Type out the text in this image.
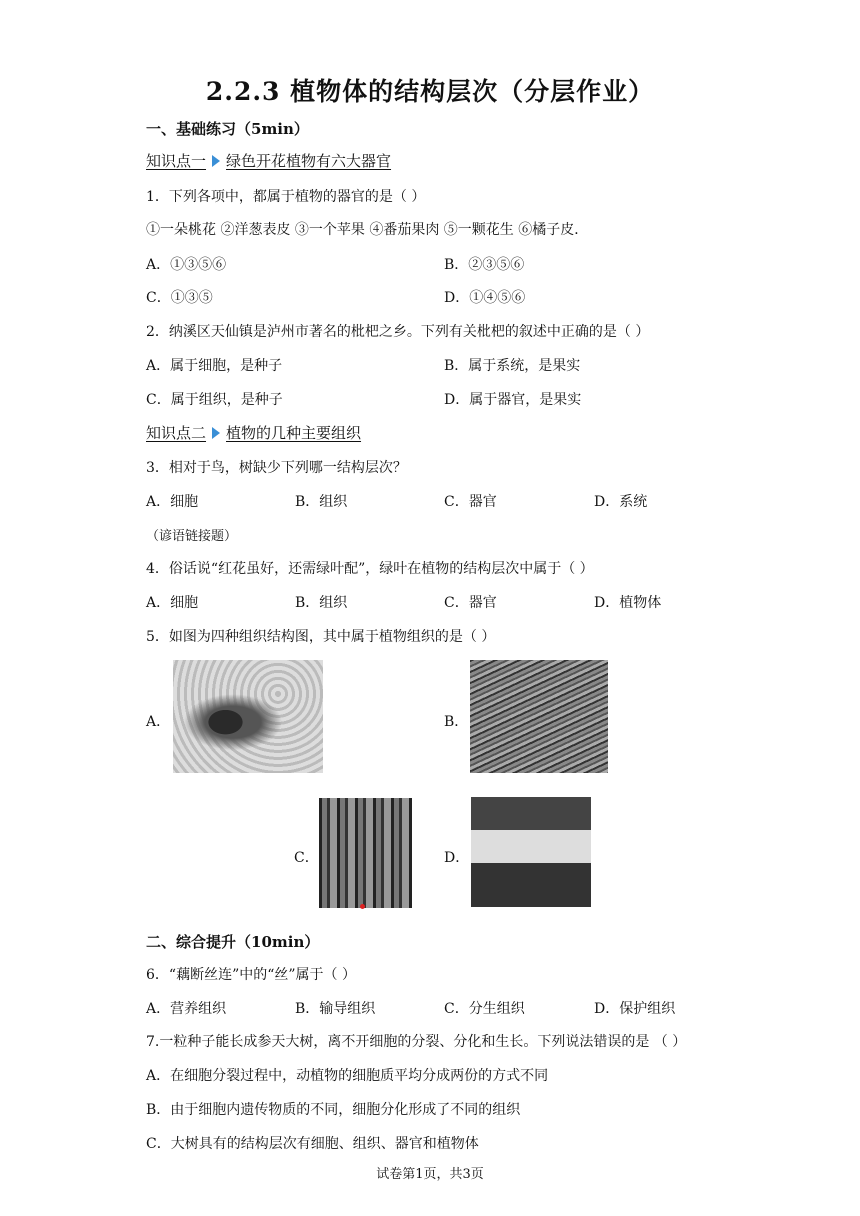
2.2.3 植物体的结构层次（分层作业）
一、基础练习（5min）
知识点一 绿色开花植物有六大器官
1．下列各项中，都属于植物的器官的是（ ）
①一朵桃花 ②洋葱表皮 ③一个苹果 ④番茄果肉 ⑤一颗花生 ⑥橘子皮．
A．①③⑤⑥	B．②③⑤⑥
C．①③⑤	D．①④⑤⑥
2．纳溪区天仙镇是泸州市著名的枇杷之乡。下列有关枇杷的叙述中正确的是（ ）
A．属于细胞，是种子	B．属于系统，是果实
C．属于组织，是种子	D．属于器官，是果实
知识点二 植物的几种主要组织
3．相对于鸟，树缺少下列哪一结构层次？
A．细胞	B．组织	C．器官	D．系统
（谚语链接题）
4．俗话说“红花虽好，还需绿叶配”，绿叶在植物的结构层次中属于（ ）
A．细胞	B．组织	C．器官	D．植物体
5．如图为四种组织结构图，其中属于植物组织的是（ ）
A．	B．
C．	D．
二、综合提升（10min）
6．“藕断丝连”中的“丝”属于（ ）
A．营养组织	B．输导组织	C．分生组织	D．保护组织
7.一粒种子能长成参天大树，离不开细胞的分裂、分化和生长。下列说法错误的是 （ ）
A．在细胞分裂过程中，动植物的细胞质平均分成两份的方式不同
B．由于细胞内遗传物质的不同，细胞分化形成了不同的组织
C．大树具有的结构层次有细胞、组织、器官和植物体
试卷第1页，共3页
